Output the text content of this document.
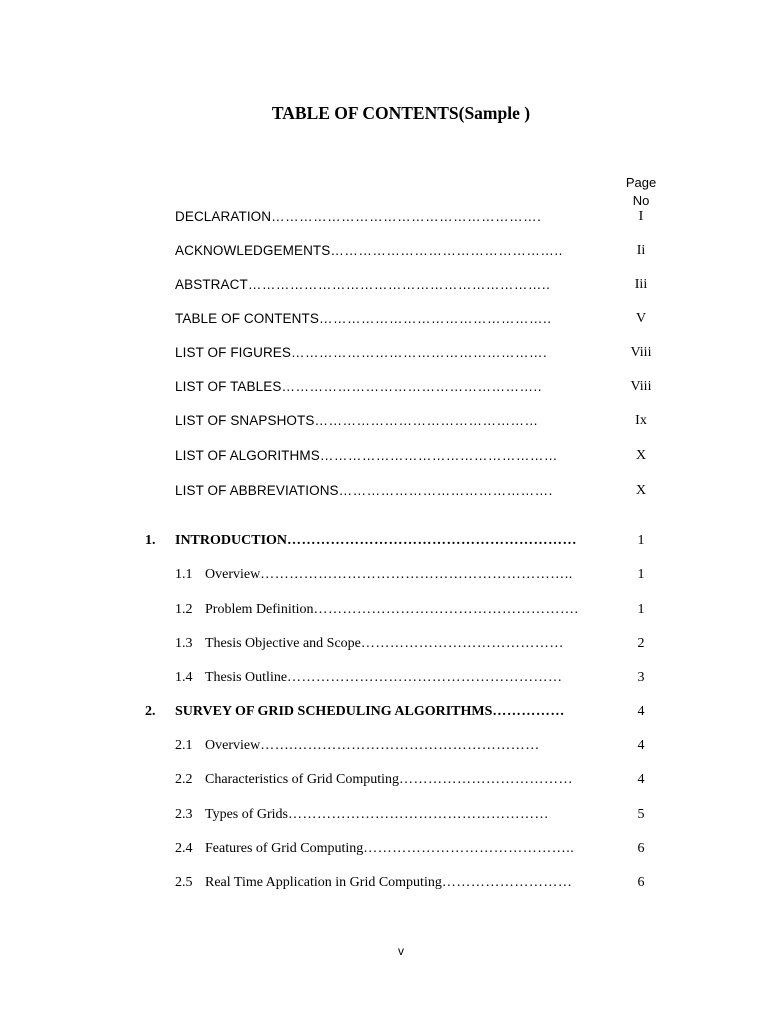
TABLE OF CONTENTS(Sample )
Page
No
DECLARATION………………………………………………….	I
ACKNOWLEDGEMENTS…………………………………………..	Ii
ABSTRACT………………………………………………………..	Iii
TABLE OF CONTENTS…………………………………………..	V
LIST OF FIGURES……………………………………………….	Viii
LIST OF TABLES………………………………………………..	Viii
LIST OF SNAPSHOTS…………………………………………	Ix
LIST OF ALGORITHMS……………………………………………	X
LIST OF ABBREVIATIONS……………………………………….	X
1. INTRODUCTION……………………………………………………	1
1.1 Overview………………………………………………………..	1
1.2 Problem Definition……………………………………………….	1
1.3 Thesis Objective and Scope……………………………………	2
1.4 Thesis Outline…………………………………………………	3
2. SURVEY OF GRID SCHEDULING ALGORITHMS……………	4
2.1 Overview…….……………………………………………	4
2.2 Characteristics of Grid Computing………………………………	4
2.3 Types of Grids………………………………………………	5
2.4 Features of Grid Computing……………………………………..	6
2.5 Real Time Application in Grid Computing………………………	6
v
